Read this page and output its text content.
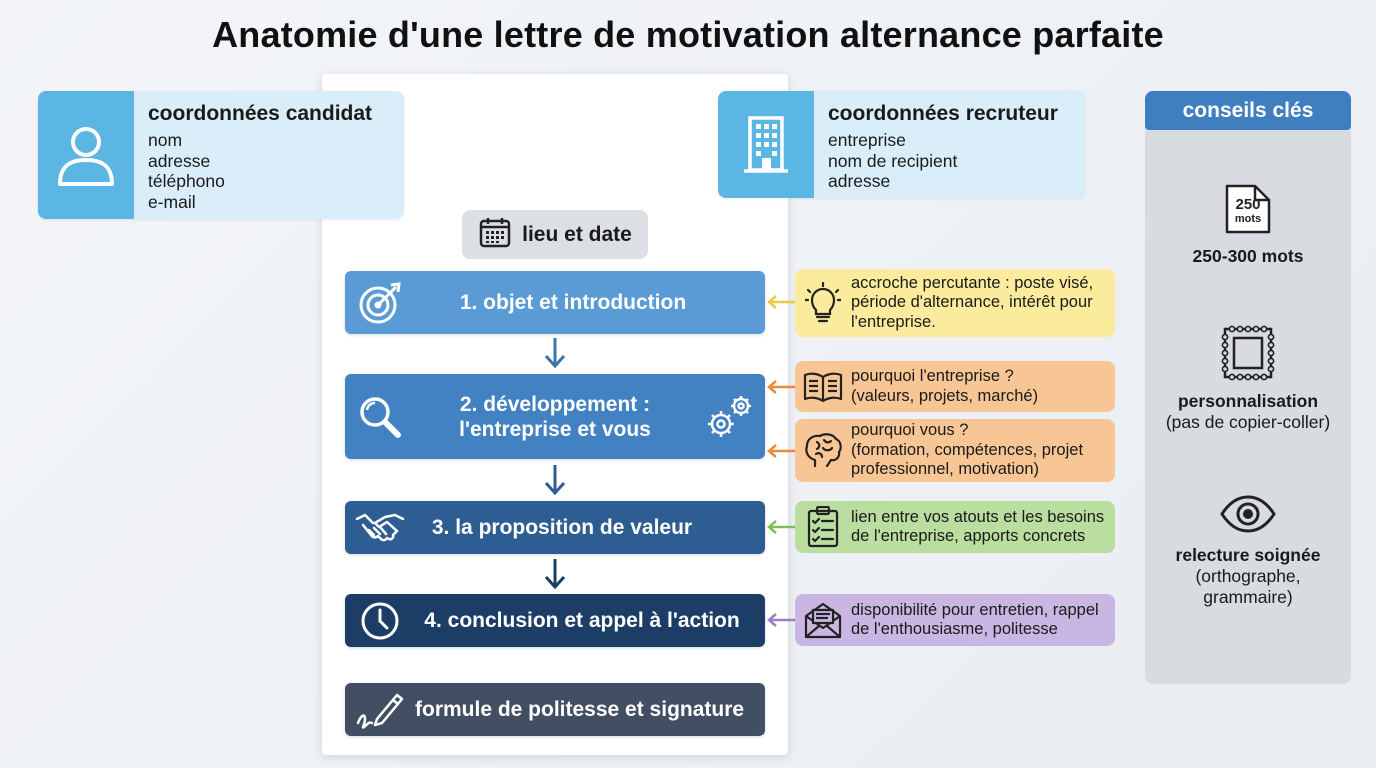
Anatomie d'une lettre de motivation alternance parfaite
coordonnées candidat
nom
adresse
téléphono
e-mail
coordonnées recruteur
entreprise
nom de recipient
adresse
lieu et date
1. objet et introduction
2. développement :
l'entreprise et vous
3. la proposition de valeur
4. conclusion et appel à l'action
formule de politesse et signature
accroche percutante : poste visé, période d'alternance, intérêt pour l'entreprise.
pourquoi l'entreprise ?
(valeurs, projets, marché)
pourquoi vous ?
(formation, compétences, projet professionnel, motivation)
lien entre vos atouts et les besoins de l'entreprise, apports concrets
disponibilité pour entretien, rappel de l'enthousiasme, politesse
conseils clés
250
mots
250-300 mots
personnalisation
(pas de copier-coller)
relecture soignée
(orthographe,
grammaire)
